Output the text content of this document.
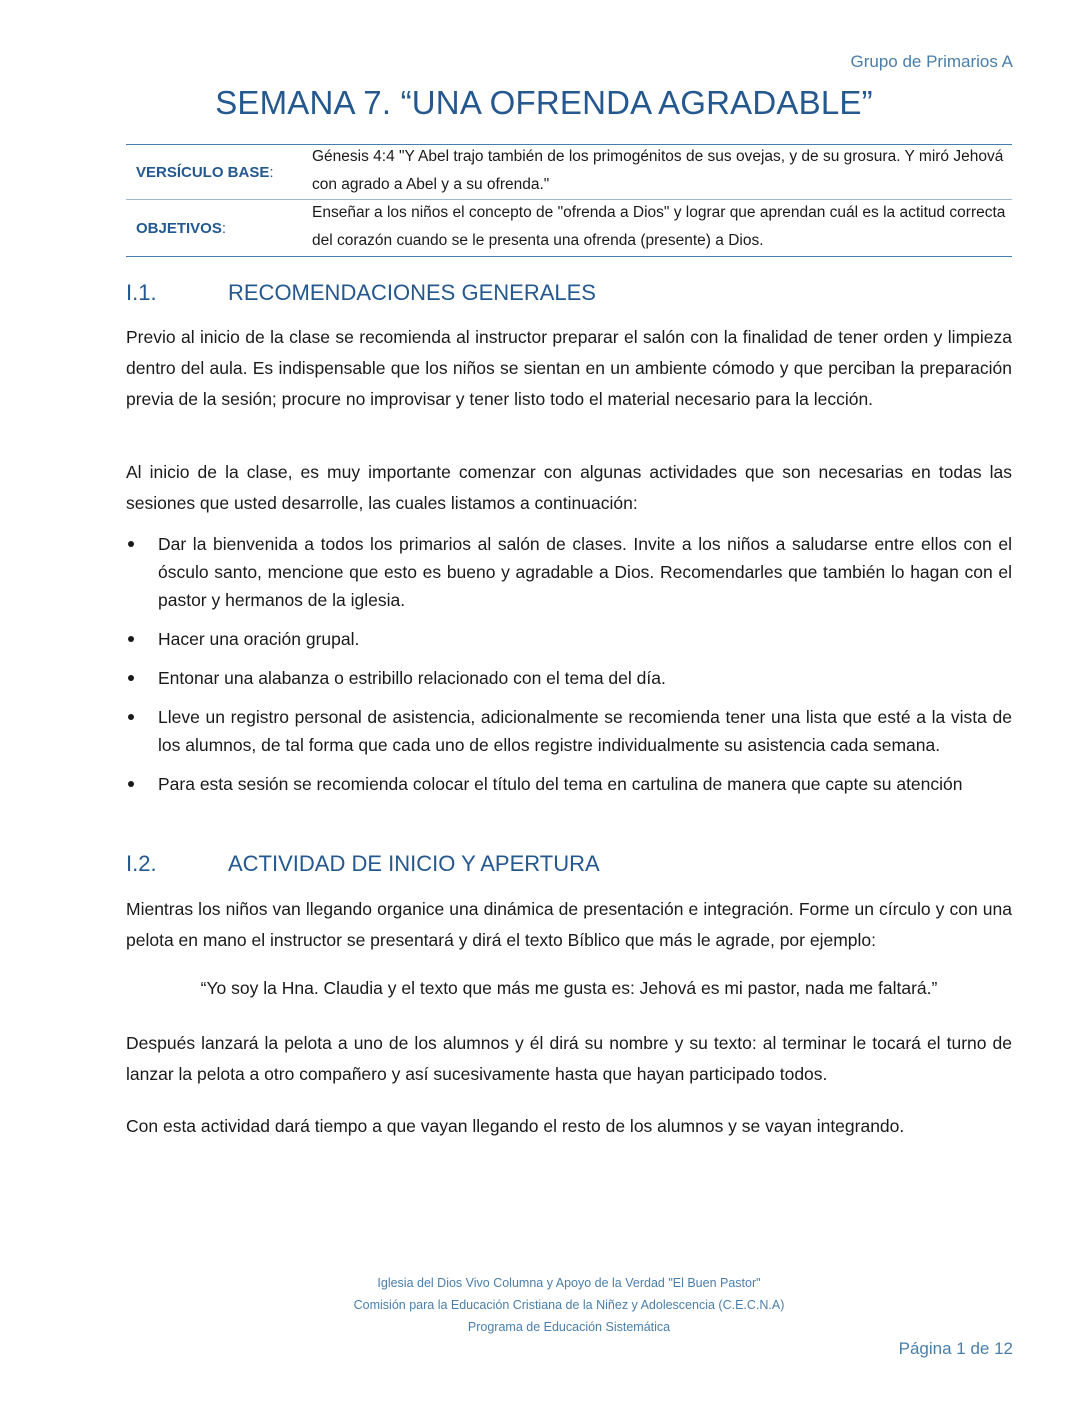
Grupo de Primarios A
SEMANA 7. “UNA OFRENDA AGRADABLE”
VERSÍCULO BASE:
Génesis 4:4 "Y Abel trajo también de los primogénitos de sus ovejas, y de su grosura. Y miró Jehová con agrado a Abel y a su ofrenda."
OBJETIVOS:
Enseñar a los niños el concepto de "ofrenda a Dios" y lograr que aprendan cuál es la actitud correcta del corazón cuando se le presenta una ofrenda (presente) a Dios.
I.1.	RECOMENDACIONES GENERALES

Previo al inicio de la clase se recomienda al instructor preparar el salón con la finalidad de tener orden y limpieza dentro del aula. Es indispensable que los niños se sientan en un ambiente cómodo y que perciban la preparación previa de la sesión; procure no improvisar y tener listo todo el material necesario para la lección.

Al inicio de la clase, es muy importante comenzar con algunas actividades que son necesarias en todas las sesiones que usted desarrolle, las cuales listamos a continuación:

Dar la bienvenida a todos los primarios al salón de clases. Invite a los niños a saludarse entre ellos con el ósculo santo, mencione que esto es bueno y agradable a Dios. Recomendarles que también lo hagan con el pastor y hermanos de la iglesia.
Hacer una oración grupal.
Entonar una alabanza o estribillo relacionado con el tema del día.
Lleve un registro personal de asistencia, adicionalmente se recomienda tener una lista que esté a la vista de los alumnos, de tal forma que cada uno de ellos registre individualmente su asistencia cada semana.
Para esta sesión se recomienda colocar el título del tema en cartulina de manera que capte su atención
I.2.	ACTIVIDAD DE INICIO Y APERTURA

Mientras los niños van llegando organice una dinámica de presentación e integración. Forme un círculo y con una pelota en mano el instructor se presentará y dirá el texto Bíblico que más le agrade, por ejemplo:

“Yo soy la Hna. Claudia y el texto que más me gusta es: Jehová es mi pastor, nada me faltará.”

Después lanzará la pelota a uno de los alumnos y él dirá su nombre y su texto: al terminar le tocará el turno de lanzar la pelota a otro compañero y así sucesivamente hasta que hayan participado todos.

Con esta actividad dará tiempo a que vayan llegando el resto de los alumnos y se vayan integrando.

Iglesia del Dios Vivo Columna y Apoyo de la Verdad "El Buen Pastor"
Comisión para la Educación Cristiana de la Niñez y Adolescencia (C.E.C.N.A)
Programa de Educación Sistemática
Página 1 de 12
